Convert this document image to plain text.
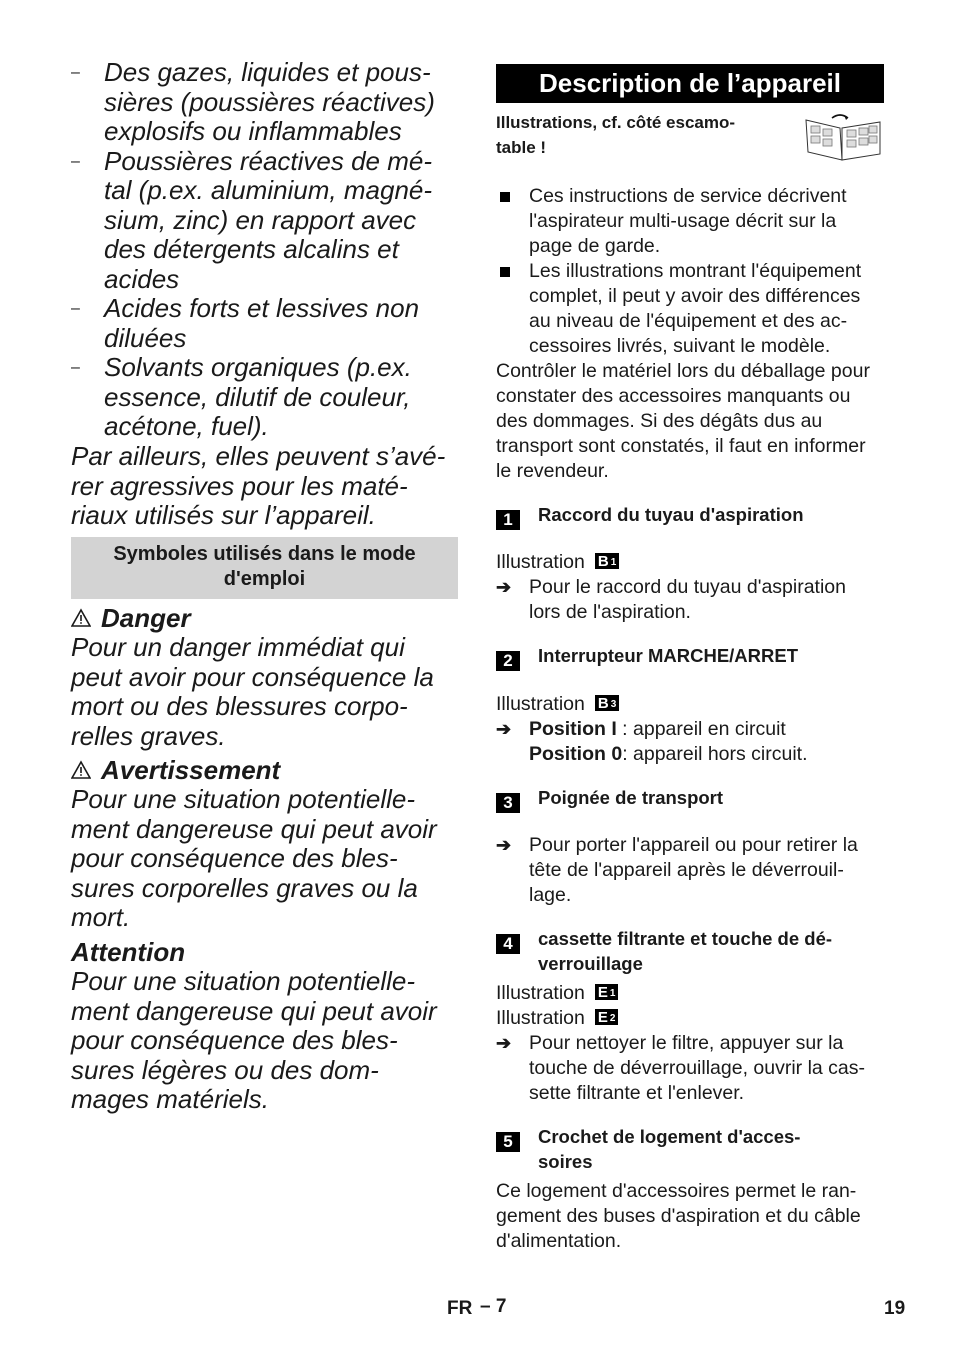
– Des gazes, liquides et pous-
sières (poussières réactives)
explosifs ou inflammables
– Poussières réactives de mé-
tal (p.ex. aluminium, magné-
sium, zinc) en rapport avec
des détergents alcalins et
acides
– Acides forts et lessives non
diluées
– Solvants organiques (p.ex.
essence, dilutif de couleur,
acétone, fuel).

Par ailleurs, elles peuvent s’avé-
rer agressives pour les maté-
riaux utilisés sur l’appareil.

Symboles utilisés dans le mode
d'emploi
Danger

Pour un danger immédiat qui
peut avoir pour conséquence la
mort ou des blessures corpo-
relles graves.

Avertissement

Pour une situation potentielle-
ment dangereuse qui peut avoir
pour conséquence des bles-
sures corporelles graves ou la
mort.

Attention

Pour une situation potentielle-
ment dangereuse qui peut avoir
pour conséquence des bles-
sures légères ou des dom-
mages matériels.

Description de l’appareil
Illustrations, cf. côté escamo-
table !
Ces instructions de service décrivent
l'aspirateur multi-usage décrit sur la
page de garde.
Les illustrations montrant l'équipement
complet, il peut y avoir des différences
au niveau de l'équipement et des ac-
cessoires livrés, suivant le modèle.
Contrôler le matériel lors du déballage pour
constater des accessoires manquants ou
des dommages. Si des dégâts dus au
transport sont constatés, il faut en informer
le revendeur.
1	Raccord du tuyau d'aspiration
Illustration B 1
➔ Pour le raccord du tuyau d'aspiration
lors de l'aspiration.
2	Interrupteur MARCHE/ARRET
Illustration B 3
➔ Position I : appareil en circuit
Position 0: appareil hors circuit.
3	Poignée de transport
➔ Pour porter l'appareil ou pour retirer la
tête de l'appareil après le déverrouil-
lage.
4	cassette filtrante et touche de dé-
verrouillage
Illustration E 1
Illustration E 2
➔ Pour nettoyer le filtre, appuyer sur la
touche de déverrouillage, ouvrir la cas-
sette filtrante et l'enlever.
5	Crochet de logement d'acces-
soires
Ce logement d'accessoires permet le ran-
gement des buses d'aspiration et du câble
d'alimentation.
FR – 7	19
